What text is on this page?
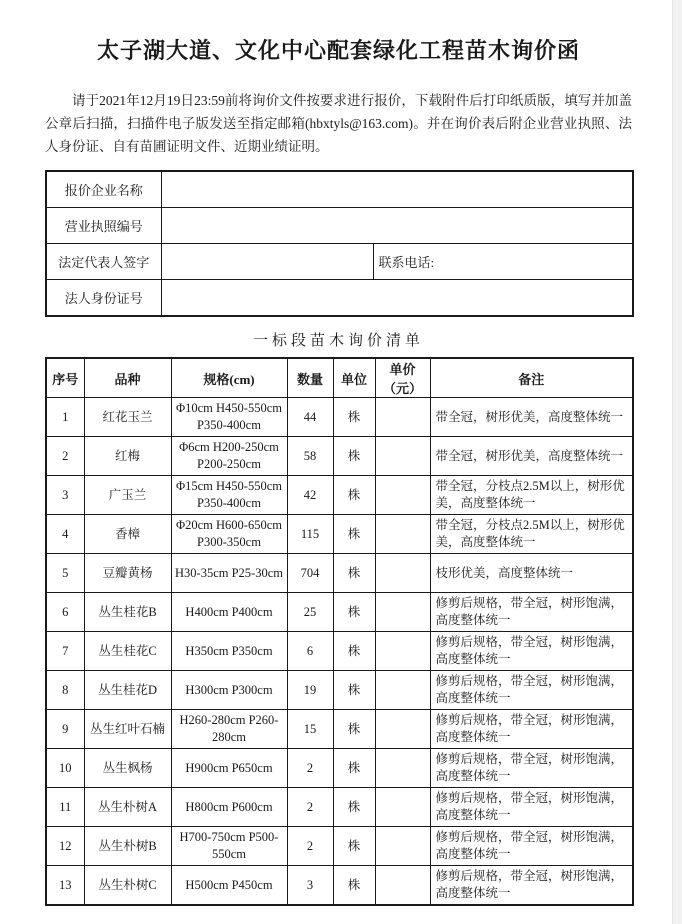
太子湖大道、文化中心配套绿化工程苗木询价函

请于2021年12月19日23:59前将询价文件按要求进行报价，下载附件后打印纸质版，填写并加盖公章后扫描，扫描件电子版发送至指定邮箱(hbxtyls@163.com)。并在询价表后附企业营业执照、法人身份证、自有苗圃证明文件、近期业绩证明。

报价企业名称		
营业执照编号		
法定代表人签字		联系电话:
法人身份证号		
一标段苗木询价清单
序号	品种	规格(cm)	数量	单位	单价（元）	备注
1	红花玉兰	Φ10cm H450-550cm P350-400cm	44	株		带全冠，树形优美，高度整体统一
2	红梅	Φ6cm H200-250cm P200-250cm	58	株		带全冠，树形优美，高度整体统一
3	广玉兰	Φ15cm H450-550cm P350-400cm	42	株		带全冠，分枝点2.5M以上，树形优美，高度整体统一
4	香樟	Φ20cm H600-650cm P300-350cm	115	株		带全冠，分枝点2.5M以上，树形优美，高度整体统一
5	豆瓣黄杨	H30-35cm P25-30cm	704	株		枝形优美，高度整体统一
6	丛生桂花B	H400cm P400cm	25	株		修剪后规格，带全冠，树形饱满，高度整体统一
7	丛生桂花C	H350cm P350cm	6	株		修剪后规格，带全冠，树形饱满，高度整体统一
8	丛生桂花D	H300cm P300cm	19	株		修剪后规格，带全冠，树形饱满，高度整体统一
9	丛生红叶石楠	H260-280cm P260-280cm	15	株		修剪后规格，带全冠，树形饱满，高度整体统一
10	丛生枫杨	H900cm P650cm	2	株		修剪后规格，带全冠，树形饱满，高度整体统一
11	丛生朴树A	H800cm P600cm	2	株		修剪后规格，带全冠，树形饱满，高度整体统一
12	丛生朴树B	H700-750cm P500-550cm	2	株		修剪后规格，带全冠，树形饱满，高度整体统一
13	丛生朴树C	H500cm P450cm	3	株		修剪后规格，带全冠，树形饱满，高度整体统一
